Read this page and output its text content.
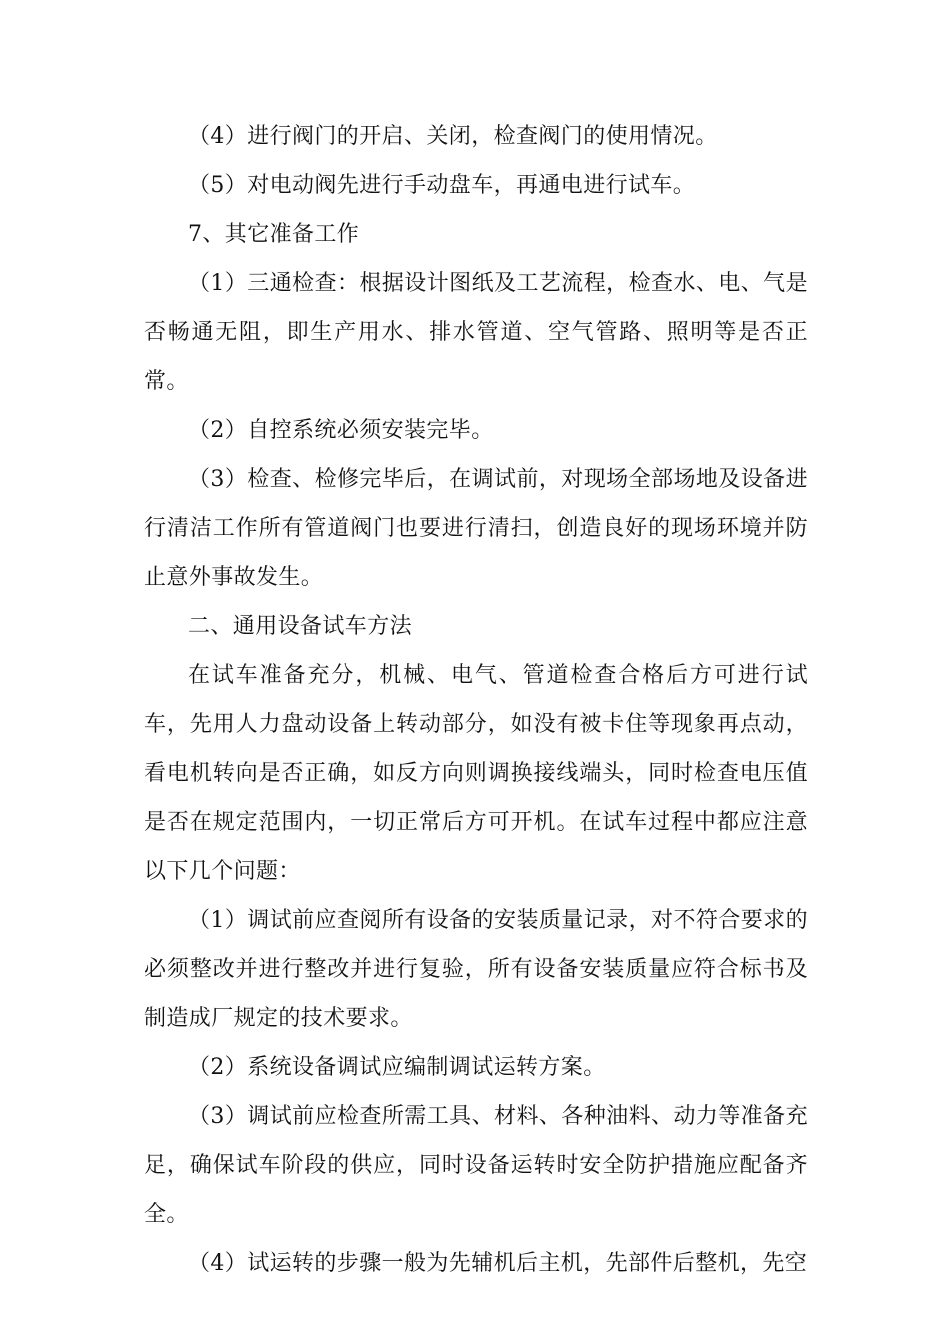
（4）进行阀门的开启、关闭，检查阀门的使用情况。

（5）对电动阀先进行手动盘车，再通电进行试车。

7、其它准备工作

（1）三通检查：根据设计图纸及工艺流程，检查水、电、气是否畅通无阻，即生产用水、排水管道、空气管路、照明等是否正常。

（2）自控系统必须安装完毕。

（3）检查、检修完毕后，在调试前，对现场全部场地及设备进行清洁工作所有管道阀门也要进行清扫，创造良好的现场环境并防止意外事故发生。

二、通用设备试车方法

在试车准备充分，机械、电气、管道检查合格后方可进行试车，先用人力盘动设备上转动部分，如没有被卡住等现象再点动，看电机转向是否正确，如反方向则调换接线端头，同时检查电压值是否在规定范围内，一切正常后方可开机。在试车过程中都应注意以下几个问题：

（1）调试前应查阅所有设备的安装质量记录，对不符合要求的必须整改并进行整改并进行复验，所有设备安装质量应符合标书及制造成厂规定的技术要求。

（2）系统设备调试应编制调试运转方案。

（3）调试前应检查所需工具、材料、各种油料、动力等准备充足，确保试车阶段的供应，同时设备运转时安全防护措施应配备齐全。

（4）试运转的步骤一般为先辅机后主机，先部件后整机，先空
